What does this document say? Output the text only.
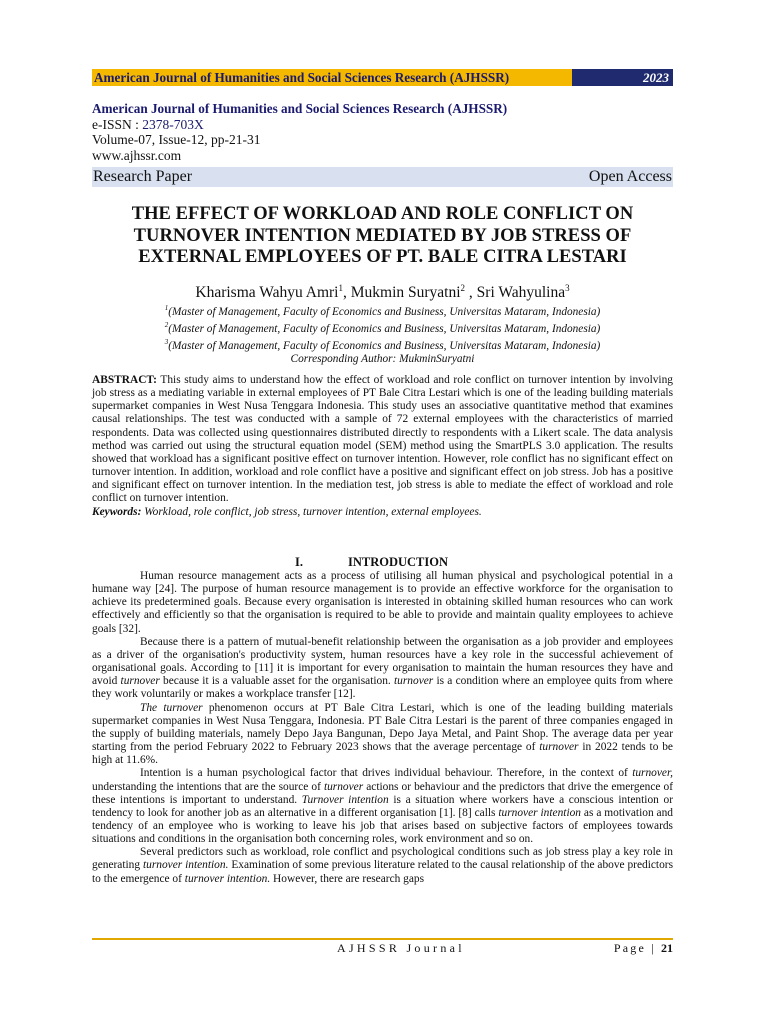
American Journal of Humanities and Social Sciences Research (AJHSSR)	2023
American Journal of Humanities and Social Sciences Research (AJHSSR)
e-ISSN : 2378-703X
Volume-07, Issue-12, pp-21-31
www.ajhssr.com
Research Paper	Open Access
THE EFFECT OF WORKLOAD AND ROLE CONFLICT ON
TURNOVER INTENTION MEDIATED BY JOB STRESS OF
EXTERNAL EMPLOYEES OF PT. BALE CITRA LESTARI
Kharisma Wahyu Amri$^1$, Mukmin Suryatni$^2$ , Sri Wahyulina$^3$
$^1$(Master of Management, Faculty of Economics and Business, Universitas Mataram, Indonesia)
$^2$(Master of Management, Faculty of Economics and Business, Universitas Mataram, Indonesia)
$^3$(Master of Management, Faculty of Economics and Business, Universitas Mataram, Indonesia)
Corresponding Author: MukminSuryatni

ABSTRACT: This study aims to understand how the effect of workload and role conflict on turnover intention by involving job stress as a mediating variable in external employees of PT Bale Citra Lestari which is one of the leading building materials supermarket companies in West Nusa Tenggara Indonesia. This study uses an associative quantitative method that examines causal relationships. The test was conducted with a sample of 72 external employees with the characteristics of married respondents. Data was collected using questionnaires distributed directly to respondents with a Likert scale. The data analysis method was carried out using the structural equation model (SEM) method using the SmartPLS 3.0 application. The results showed that workload has a significant positive effect on turnover intention. However, role conflict has no significant effect on turnover intention. In addition, workload and role conflict have a positive and significant effect on job stress. Job has a positive and significant effect on turnover intention. In the mediation test, job stress is able to mediate the effect of workload and role conflict on turnover intention.

Keywords: Workload, role conflict, job stress, turnover intention, external employees.

I.	INTRODUCTION

Human resource management acts as a process of utilising all human physical and psychological potential in a humane way [24]. The purpose of human resource management is to provide an effective workforce for the organisation to achieve its predetermined goals. Because every organisation is interested in obtaining skilled human resources who can work effectively and efficiently so that the organisation is required to be able to provide and maintain quality employees to achieve goals [32].

Because there is a pattern of mutual-benefit relationship between the organisation as a job provider and employees as a driver of the organisation's productivity system, human resources have a key role in the successful achievement of organisational goals. According to [11] it is important for every organisation to maintain the human resources they have and avoid turnover because it is a valuable asset for the organisation. turnover is a condition where an employee quits from where they work voluntarily or makes a workplace transfer [12].

The turnover phenomenon occurs at PT Bale Citra Lestari, which is one of the leading building materials supermarket companies in West Nusa Tenggara, Indonesia. PT Bale Citra Lestari is the parent of three companies engaged in the supply of building materials, namely Depo Jaya Bangunan, Depo Jaya Metal, and Paint Shop. The average data per year starting from the period February 2022 to February 2023 shows that the average percentage of turnover in 2022 tends to be high at 11.6%.

Intention is a human psychological factor that drives individual behaviour. Therefore, in the context of turnover, understanding the intentions that are the source of turnover actions or behaviour and the predictors that drive the emergence of these intentions is important to understand. Turnover intention is a situation where workers have a conscious intention or tendency to look for another job as an alternative in a different organisation [1]. [8] calls turnover intention as a motivation and tendency of an employee who is working to leave his job that arises based on subjective factors of employees towards situations and conditions in the organisation both concerning roles, work environment and so on.

Several predictors such as workload, role conflict and psychological conditions such as job stress play a key role in generating turnover intention. Examination of some previous literature related to the causal relationship of the above predictors to the emergence of turnover intention. However, there are research gaps

AJHSSR Journal	Page | 21
